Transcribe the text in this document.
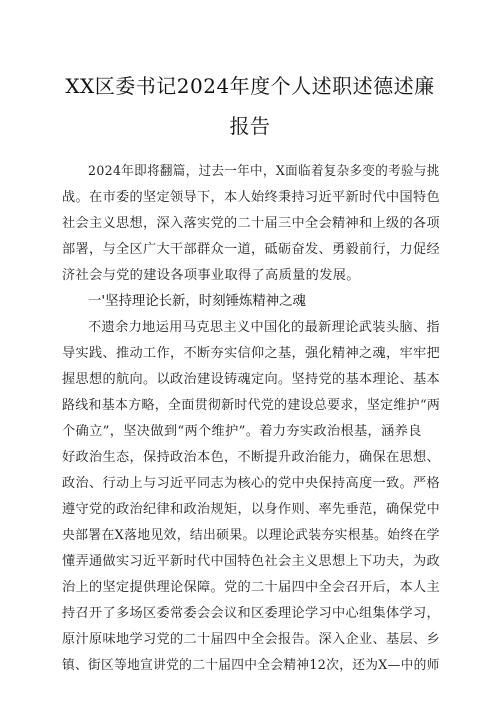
XX区委书记2024年度个人述职述德述廉
报告
2024年即将翻篇，过去一年中，X面临着复杂多变的考验与挑
战。在市委的坚定领导下，本人始终秉持习近平新时代中国特色
社会主义思想，深入落实党的二十届三中全会精神和上级的各项
部署，与全区广大干部群众一道，砥砺奋发、勇毅前行，力促经
济社会与党的建设各项事业取得了高质量的发展。
一'坚持理论长新，时刻锤炼精神之魂
不遗余力地运用马克思主义中国化的最新理论武装头脑、指
导实践、推动工作，不断夯实信仰之基，强化精神之魂，牢牢把
握思想的航向。以政治建设铸魂定向。坚持党的基本理论、基本
路线和基本方略，全面贯彻新时代党的建设总要求，坚定维护“两
个确立”，坚决做到“两个维护”。着力夯实政治根基，涵养良
好政治生态，保持政治本色，不断提升政治能力，确保在思想、
政治、行动上与习近平同志为核心的党中央保持高度一致。严格
遵守党的政治纪律和政治规矩，以身作则、率先垂范，确保党中
央部署在X落地见效，结出硕果。以理论武装夯实根基。始终在学
懂弄通做实习近平新时代中国特色社会主义思想上下功夫，为政
治上的坚定提供理论保障。党的二十届四中全会召开后，本人主
持召开了多场区委常委会会议和区委理论学习中心组集体学习，
原汁原味地学习党的二十届四中全会报告。深入企业、基层、乡
镇、街区等地宣讲党的二十届四中全会精神12次，还为X—中的师
